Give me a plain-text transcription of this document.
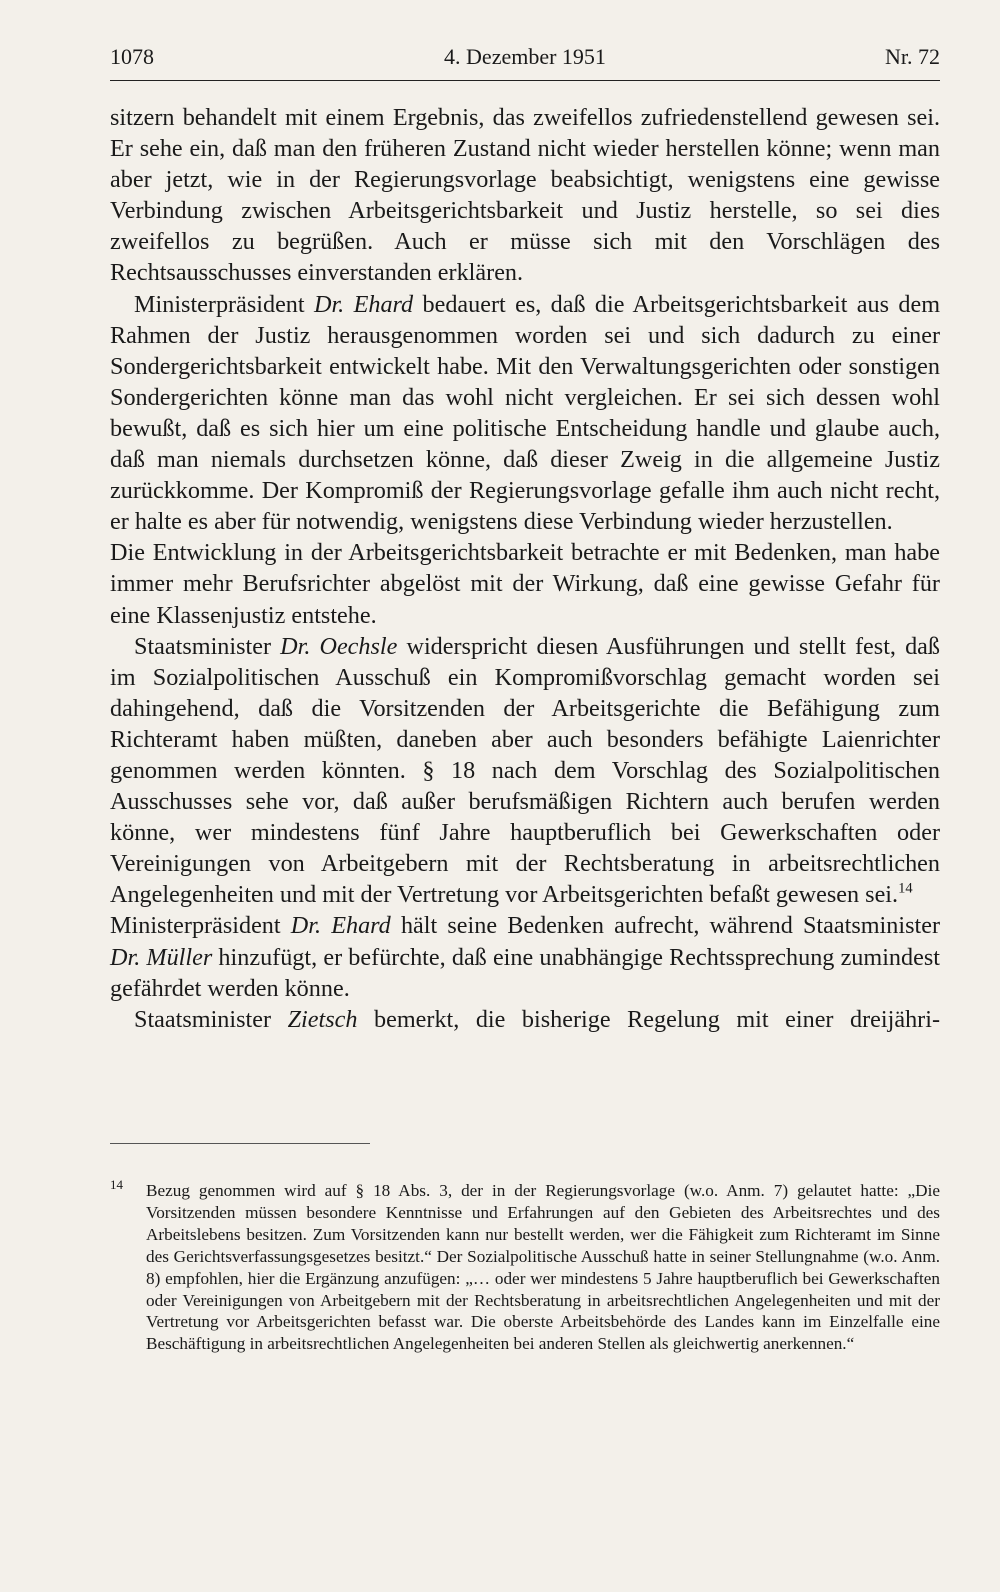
4. Dezember 1951
1078	Nr. 72

sitzern behandelt mit einem Ergebnis, das zweifellos zufriedenstellend gewesen sei. Er sehe ein, daß man den früheren Zustand nicht wieder herstellen könne; wenn man aber jetzt, wie in der Regierungsvorlage beabsichtigt, wenigstens eine gewisse Verbindung zwischen Arbeitsgerichtsbarkeit und Justiz herstelle, so sei dies zweifellos zu begrüßen. Auch er müsse sich mit den Vorschlägen des Rechtsausschusses einverstanden erklären.

Ministerpräsident Dr. Ehard bedauert es, daß die Arbeitsgerichtsbarkeit aus dem Rahmen der Justiz herausgenommen worden sei und sich dadurch zu einer Sondergerichtsbarkeit entwickelt habe. Mit den Verwaltungsgerichten oder sonstigen Sondergerichten könne man das wohl nicht vergleichen. Er sei sich dessen wohl bewußt, daß es sich hier um eine politische Entscheidung handle und glaube auch, daß man niemals durchsetzen könne, daß dieser Zweig in die allgemeine Justiz zurückkomme. Der Kompromiß der Regierungsvorlage gefalle ihm auch nicht recht, er halte es aber für notwendig, wenigstens diese Verbindung wieder herzustellen.

Die Entwicklung in der Arbeitsgerichtsbarkeit betrachte er mit Bedenken, man habe immer mehr Berufsrichter abgelöst mit der Wirkung, daß eine gewisse Gefahr für eine Klassenjustiz entstehe.

Staatsminister Dr. Oechsle widerspricht diesen Ausführungen und stellt fest, daß im Sozialpolitischen Ausschuß ein Kompromißvorschlag gemacht worden sei dahingehend, daß die Vorsitzenden der Arbeitsgerichte die Befähigung zum Richteramt haben müßten, daneben aber auch besonders befähigte Laienrichter genommen werden könnten. § 18 nach dem Vorschlag des Sozialpolitischen Ausschusses sehe vor, daß außer berufsmäßigen Richtern auch berufen werden könne, wer mindestens fünf Jahre hauptberuflich bei Gewerkschaften oder Vereinigungen von Arbeitgebern mit der Rechtsberatung in arbeitsrechtlichen Angelegenheiten und mit der Vertretung vor Arbeitsgerichten befaßt gewesen sei.$^{14}$

Ministerpräsident Dr. Ehard hält seine Bedenken aufrecht, während Staatsminister Dr. Müller hinzufügt, er befürchte, daß eine unabhängige Rechtssprechung zumindest gefährdet werden könne.

Staatsminister Zietsch bemerkt, die bisherige Regelung mit einer dreijähri-

14 Bezug genommen wird auf § 18 Abs. 3, der in der Regierungsvorlage (w.o. Anm. 7) gelautet hatte: „Die Vorsitzenden müssen besondere Kenntnisse und Erfahrungen auf den Gebieten des Arbeitsrechtes und des Arbeitslebens besitzen. Zum Vorsitzenden kann nur bestellt werden, wer die Fähigkeit zum Richteramt im Sinne des Gerichtsverfassungsgesetzes besitzt.“ Der Sozialpolitische Ausschuß hatte in seiner Stellungnahme (w.o. Anm. 8) empfohlen, hier die Ergänzung anzufügen: „… oder wer mindestens 5 Jahre hauptberuflich bei Gewerkschaften oder Vereinigungen von Arbeitgebern mit der Rechtsberatung in arbeitsrechtlichen Angelegenheiten und mit der Vertretung vor Arbeitsgerichten befasst war. Die oberste Arbeitsbehörde des Landes kann im Einzelfalle eine Beschäftigung in arbeitsrechtlichen Angelegenheiten bei anderen Stellen als gleichwertig anerkennen.“
